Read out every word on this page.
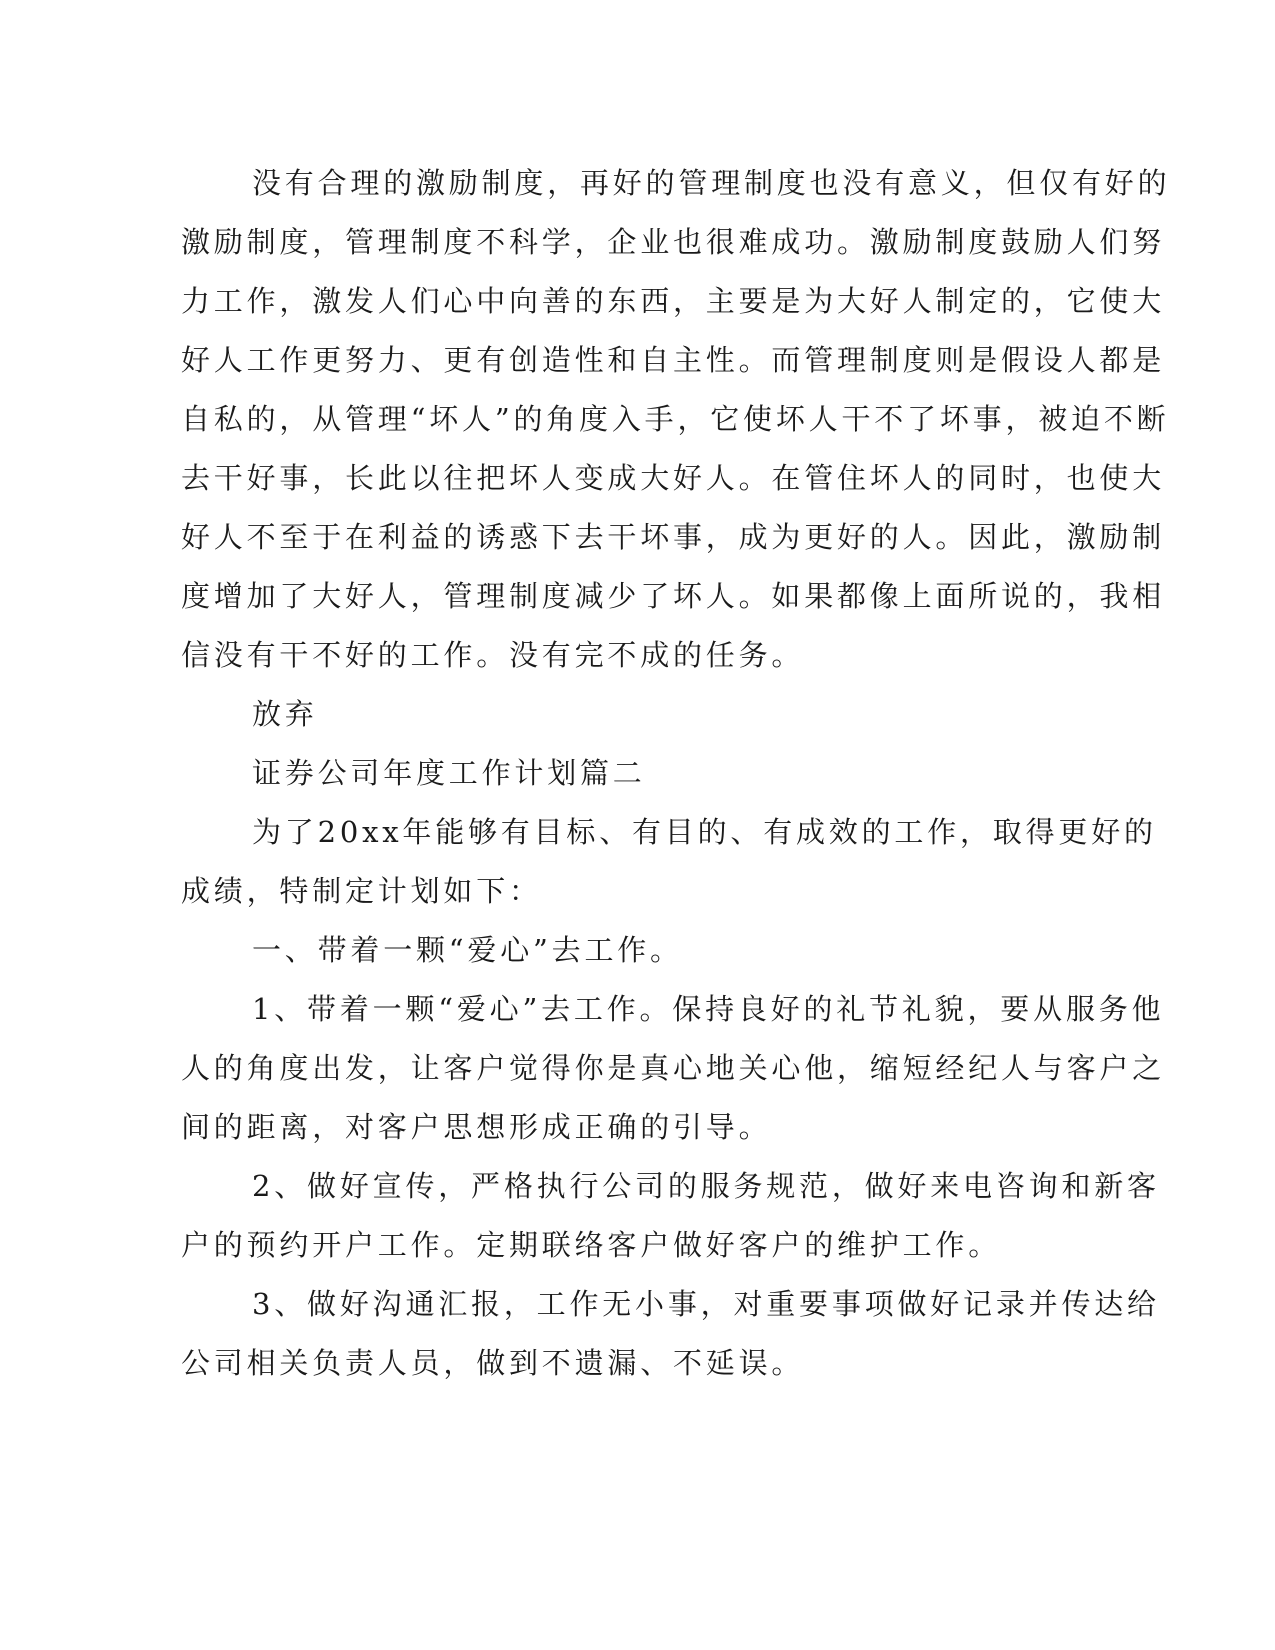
没有合理的激励制度，再好的管理制度也没有意义，但仅有好的

激励制度，管理制度不科学，企业也很难成功。激励制度鼓励人们努

力工作，激发人们心中向善的东西，主要是为大好人制定的，它使大

好人工作更努力、更有创造性和自主性。而管理制度则是假设人都是

自私的，从管理“坏人”的角度入手，它使坏人干不了坏事，被迫不断

去干好事，长此以往把坏人变成大好人。在管住坏人的同时，也使大

好人不至于在利益的诱惑下去干坏事，成为更好的人。因此，激励制

度增加了大好人，管理制度减少了坏人。如果都像上面所说的，我相

信没有干不好的工作。没有完不成的任务。

放弃

证券公司年度工作计划篇二

为了20xx年能够有目标、有目的、有成效的工作，取得更好的

成绩，特制定计划如下：

一、带着一颗“爱心”去工作。

1、带着一颗“爱心”去工作。保持良好的礼节礼貌，要从服务他

人的角度出发，让客户觉得你是真心地关心他，缩短经纪人与客户之

间的距离，对客户思想形成正确的引导。

2、做好宣传，严格执行公司的服务规范，做好来电咨询和新客

户的预约开户工作。定期联络客户做好客户的维护工作。

3、做好沟通汇报，工作无小事，对重要事项做好记录并传达给

公司相关负责人员，做到不遗漏、不延误。
